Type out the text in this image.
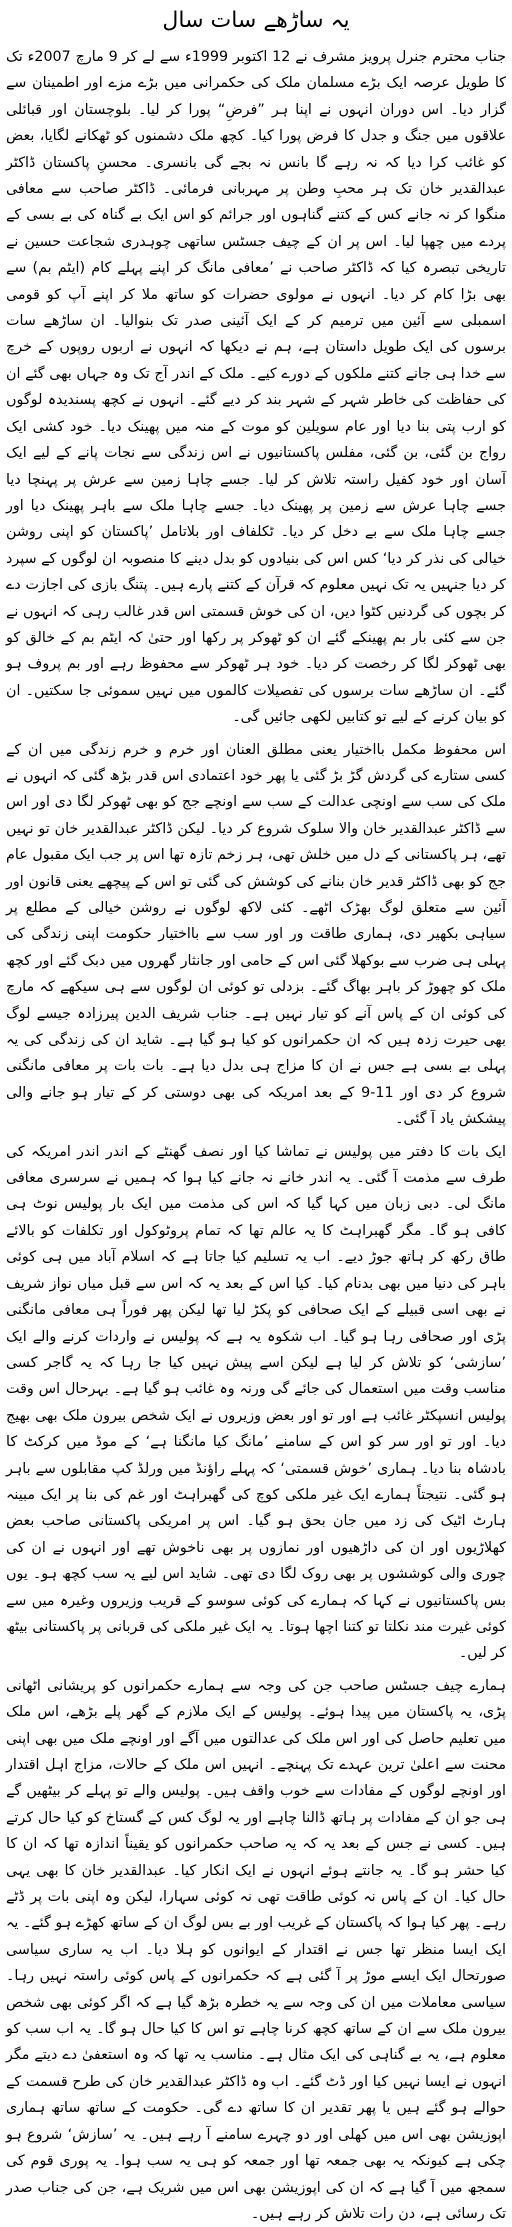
یہ ساڑھے سات سال

جناب محترم جنرل پرویز مشرف نے 12 اکتوبر 1999ء سے لے کر 9 مارچ 2007ء تک کا طویل عرصہ ایک بڑے مسلمان ملک کی حکمرانی میں بڑے مزے اور اطمینان سے گزار دیا۔ اس دوران انہوں نے اپنا ہر ”فرضِ“ پورا کر لیا۔ بلوچستان اور قبائلی علاقوں میں جنگ و جدل کا فرض پورا کیا۔ کچھ ملک دشمنوں کو ٹھکانے لگایا، بعض کو غائب کرا دیا کہ نہ رہے گا بانس نہ بجے گی بانسری۔ محسنِ پاکستان ڈاکٹر عبدالقدیر خان تک ہر محبِ وطن پر مہربانی فرمائی۔ ڈاکٹر صاحب سے معافی منگوا کر نہ جانے کس کے کتنے گناہوں اور جرائم کو اس ایک بے گناہ کی بے بسی کے پردے میں چھپا لیا۔ اس پر ان کے چیف جسٹس ساتھی چوہدری شجاعت حسین نے تاریخی تبصرہ کیا کہ ڈاکٹر صاحب نے ’معافی مانگ کر اپنے پہلے کام (ایٹم بم) سے بھی بڑا کام کر دیا۔ انہوں نے مولوی حضرات کو ساتھ ملا کر اپنے آپ کو قومی اسمبلی سے آئین میں ترمیم کر کے ایک آئینی صدر تک بنوالیا۔ ان ساڑھے سات برسوں کی ایک طویل داستان ہے، ہم نے دیکھا کہ انہوں نے اربوں روپوں کے خرچ سے خدا ہی جانے کتنے ملکوں کے دورے کیے۔ ملک کے اندر آج تک وہ جہاں بھی گئے ان کی حفاظت کی خاطر شہر کے شہر بند کر دیے گئے۔ انہوں نے کچھ پسندیدہ لوگوں کو ارب پتی بنا دیا اور عام سویلین کو موت کے منہ میں پھینک دیا۔ خود کشی ایک رواج بن گئی، بن گئی، مفلس پاکستانیوں نے اس زندگی سے نجات پانے کے لیے ایک آسان اور خود کفیل راستہ تلاش کر لیا۔ جسے چاہا زمین سے عرش پر پہنچا دیا جسے چاہا عرش سے زمین پر پھینک دیا۔ جسے چاہا ملک سے باہر پھینک دیا اور جسے چاہا ملک سے بے دخل کر دیا۔ ٹکلفاف اور بلاتامل ’پاکستان کو اپنی روشن خیالی کی نذر کر دیا‘ کس اس کی بنیادوں کو بدل دینے کا منصوبہ ان لوگوں کے سپرد کر دیا جنہیں یہ تک نہیں معلوم کہ قرآن کے کتنے پارے ہیں۔ پتنگ بازی کی اجازت دے کر بچوں کی گردنیں کٹوا دیں، ان کی خوش قسمتی اس قدر غالب رہی کہ انہوں نے جن سے کئی بار بم پھینکے گئے ان کو ٹھوکر پر رکھا اور حتیٰ کہ ایٹم بم کے خالق کو بھی ٹھوکر لگا کر رخصت کر دیا۔ خود ہر ٹھوکر سے محفوظ رہے اور بم پروف ہو گئے۔ ان ساڑھے سات برسوں کی تفصیلات کالموں میں نہیں سموئی جا سکتیں۔ ان کو بیان کرنے کے لیے تو کتابیں لکھی جائیں گی۔

اس محفوظ مکمل بااختیار یعنی مطلق العنان اور خرم و خرم زندگی میں ان کے کسی ستارے کی گردش گڑ بڑ گئی یا پھر خود اعتمادی اس قدر بڑھ گئی کہ انہوں نے ملک کی سب سے اونچی عدالت کے سب سے اونچے جج کو بھی ٹھوکر لگا دی اور اس سے ڈاکٹر عبدالقدیر خان والا سلوک شروع کر دیا۔ لیکن ڈاکٹر عبدالقدیر خان تو نہیں تھے، ہر پاکستانی کے دل میں خلش تھی، ہر زخم تازہ تھا اس پر جب ایک مقبول عام جج کو بھی ڈاکٹر قدیر خان بنانے کی کوشش کی گئی تو اس کے پیچھے یعنی قانون اور آئین سے متعلق لوگ بھڑک اٹھے۔ کئی لاکھ لوگوں نے روشن خیالی کے مطلع پر سیاہی بکھیر دی، ہماری طاقت ور اور سب سے بااختیار حکومت اپنی زندگی کی پہلی ہی ضرب سے بوکھلا گئی اس کے حامی اور جانثار گھروں میں دبک گئے اور کچھ ملک کو چھوڑ کر باہر بھاگ گئے۔ بزدلی تو کوئی ان لوگوں سے ہی سیکھے کہ مارچ کی کوئی ان کے پاس آنے کو تیار نہیں ہے۔ جناب شریف الدین پیرزادہ جیسے لوگ بھی حیرت زدہ ہیں کہ ان حکمرانوں کو کیا ہو گیا ہے۔ شاید ان کی زندگی کی یہ پہلی بے بسی ہے جس نے ان کا مزاج ہی بدل دیا ہے۔ بات بات پر معافی مانگنی شروع کر دی اور 11-9 کے بعد امریکہ کی بھی دوستی کر کے تیار ہو جانے والی پیشکش یاد آ گئی۔

ایک بات کا دفتر میں پولیس نے تماشا کیا اور نصف گھنٹے کے اندر اندر امریکہ کی طرف سے مذمت آ گئی۔ یہ اندر خانے نہ جانے کیا ہوا کہ ہمیں نے سرسری معافی مانگ لی۔ دبی زبان میں کہا گیا کہ اس کی مذمت میں ایک بار پولیس نوٹ ہی کافی ہو گا۔ مگر گھبراہٹ کا یہ عالم تھا کہ تمام پروٹوکول اور تکلفات کو بالائے طاق رکھ کر ہاتھ جوڑ دیے۔ اب یہ تسلیم کیا جاتا ہے کہ اسلام آباد میں ہی کوئی باہر کی دنیا میں بھی بدنام کیا۔ کیا اس کے بعد یہ کہ اس سے قبل میاں نواز شریف نے بھی اسی قبیلے کے ایک صحافی کو پکڑ لیا تھا لیکن پھر فوراً ہی معافی مانگنی پڑی اور صحافی رہا ہو گیا۔ اب شکوہ یہ ہے کہ پولیس نے واردات کرنے والے ایک ’سازشی‘ کو تلاش کر لیا ہے لیکن اسے پیش نہیں کیا جا رہا کہ یہ گاجر کسی مناسب وقت میں استعمال کی جائے گی ورنہ وہ غائب ہو گیا ہے۔ بہرحال اس وقت پولیس انسپکٹر غائب ہے اور تو اور بعض وزیروں نے ایک شخص بیرون ملک بھی بھیج دیا۔ اور تو اور سر کو اس کے سامنے ’مانگ کیا مانگنا ہے‘ کے موڈ میں کرکٹ کا بادشاہ بنا دیا۔ ہماری ’خوش قسمتی‘ کہ پہلے راؤنڈ میں ورلڈ کپ مقابلوں سے باہر ہو گئی۔ نتیجتاً ہمارے ایک غیر ملکی کوچ کی گھبراہٹ اور غم کی بنا پر ایک مبینہ ہارٹ اٹیک کی زد میں جان بحق ہو گیا۔ اس پر امریکی پاکستانی صاحب بعض کھلاڑیوں اور ان کی داڑھیوں اور نمازوں پر بھی ناخوش تھے اور انہوں نے ان کی چوری والی کوششوں پر بھی روک لگا دی تھی۔ شاید اس لیے یہ سب کچھ ہو۔ یوں بس پاکستانیوں نے کہا کہ ہمارے کی کوئی سوسو کے قریب وزیروں وغیرہ میں سے کوئی غیرت مند نکلتا تو کتنا اچھا ہوتا۔ یہ ایک غیر ملکی کی قربانی پر پاکستانی بیٹھ کر لیں۔

ہمارے چیف جسٹس صاحب جن کی وجہ سے ہمارے حکمرانوں کو پریشانی اٹھانی پڑی، یہ پاکستان میں پیدا ہوئے۔ پولیس کے ایک ملازم کے گھر پلے بڑھے، اس ملک میں تعلیم حاصل کی اور اس ملک کی عدالتوں میں آگے اور اونچے ملک میں بھی اپنی محنت سے اعلیٰ ترین عہدے تک پہنچے۔ انہیں اس ملک کے حالات، مزاج اہل اقتدار اور اونچے لوگوں کے مفادات سے خوب واقف ہیں۔ پولیس والے تو پہلے کر بیٹھیں گے ہی جو ان کے مفادات پر ہاتھ ڈالنا چاہے اور یہ لوگ کس کے گستاخ کو کیا حال کرتے ہیں۔ کسی نے جس کے بعد یہ کہ یہ صاحب حکمرانوں کو یقیناً اندازہ تھا کہ ان کا کیا حشر ہو گا۔ یہ جانتے ہوئے انہوں نے ایک انکار کیا۔ عبدالقدیر خان کا بھی یہی حال کیا۔ ان کے پاس نہ کوئی طاقت تھی نہ کوئی سہارا، لیکن وہ اپنی بات پر ڈٹے رہے۔ پھر کیا ہوا کہ پاکستان کے غریب اور بے بس لوگ ان کے ساتھ کھڑے ہو گئے۔ یہ ایک ایسا منظر تھا جس نے اقتدار کے ایوانوں کو ہلا دیا۔ اب یہ ساری سیاسی صورتحال ایک ایسے موڑ پر آ گئی ہے کہ حکمرانوں کے پاس کوئی راستہ نہیں رہا۔ سیاسی معاملات میں ان کی وجہ سے یہ خطرہ بڑھ گیا ہے کہ اگر کوئی بھی شخص بیرون ملک سے ان کے ساتھ کچھ کرنا چاہے تو اس کا کیا حال ہو گا۔ یہ اب سب کو معلوم ہے، یہ بے گناہی کی ایک مثال ہے۔ مناسب یہ تھا کہ وہ استعفیٰ دے دیتے مگر انہوں نے ایسا نہیں کیا اور ڈٹ گئے۔ اب وہ ڈاکٹر عبدالقدیر خان کی طرح قسمت کے حوالے ہو گئے ہیں یا پھر تقدیر ان کا ساتھ دے گی۔ حکومت کے ساتھ ساتھ ہماری اپوزیشن بھی اس میں کھلی اور دو چہرے سامنے آ رہے ہیں۔ یہ ’سازش‘ شروع ہو چکی ہے کیونکہ یہ بھی جمعہ تھا اور جمعہ کو ہی یہ سب ہوا۔ یہ پوری قوم کی سمجھ میں آ گیا ہے کہ ان کی اپوزیشن بھی اس میں شریک ہے، جن کی جناب صدر تک رسائی ہے، دن رات تلاش کر رہے ہیں۔
